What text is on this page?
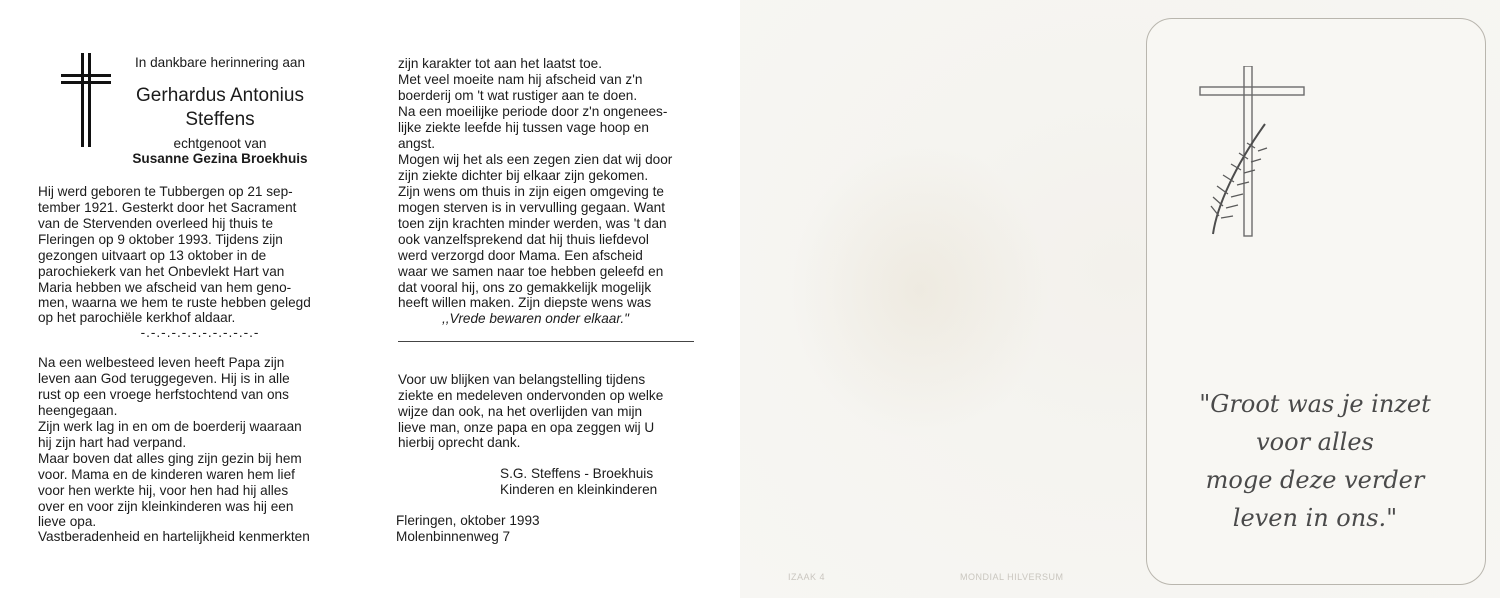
In dankbare herinnering aan

Gerhardus Antonius

Steffens

echtgenoot van

Susanne Gezina Broekhuis

Hij werd geboren te Tubbergen op 21 sep-

tember 1921. Gesterkt door het Sacrament

van de Stervenden overleed hij thuis te

Fleringen op 9 oktober 1993. Tijdens zijn

gezongen uitvaart op 13 oktober in de

parochiekerk van het Onbevlekt Hart van

Maria hebben we afscheid van hem geno-

men, waarna we hem te ruste hebben gelegd

op het parochiële kerkhof aldaar.

-.-.-.-.-.-.-.-.-.-.-.-

Na een welbesteed leven heeft Papa zijn

leven aan God teruggegeven. Hij is in alle

rust op een vroege herfstochtend van ons

heengegaan.

Zijn werk lag in en om de boerderij waaraan

hij zijn hart had verpand.

Maar boven dat alles ging zijn gezin bij hem

voor. Mama en de kinderen waren hem lief

voor hen werkte hij, voor hen had hij alles

over en voor zijn kleinkinderen was hij een

lieve opa.

Vastberadenheid en hartelijkheid kenmerkten

zijn karakter tot aan het laatst toe.

Met veel moeite nam hij afscheid van z'n

boerderij om 't wat rustiger aan te doen.

Na een moeilijke periode door z'n ongenees-

lijke ziekte leefde hij tussen vage hoop en

angst.

Mogen wij het als een zegen zien dat wij door

zijn ziekte dichter bij elkaar zijn gekomen.

Zijn wens om thuis in zijn eigen omgeving te

mogen sterven is in vervulling gegaan. Want

toen zijn krachten minder werden, was 't dan

ook vanzelfsprekend dat hij thuis liefdevol

werd verzorgd door Mama. Een afscheid

waar we samen naar toe hebben geleefd en

dat vooral hij, ons zo gemakkelijk mogelijk

heeft willen maken. Zijn diepste wens was

,,Vrede bewaren onder elkaar."

Voor uw blijken van belangstelling tijdens

ziekte en medeleven ondervonden op welke

wijze dan ook, na het overlijden van mijn

lieve man, onze papa en opa zeggen wij U

hierbij oprecht dank.

S.G. Steffens - Broekhuis

Kinderen en kleinkinderen

Fleringen, oktober 1993

Molenbinnenweg 7

IZAAK 4	MONDIAL HILVERSUM
"Groot was je inzet
voor alles
moge deze verder
leven in ons."
